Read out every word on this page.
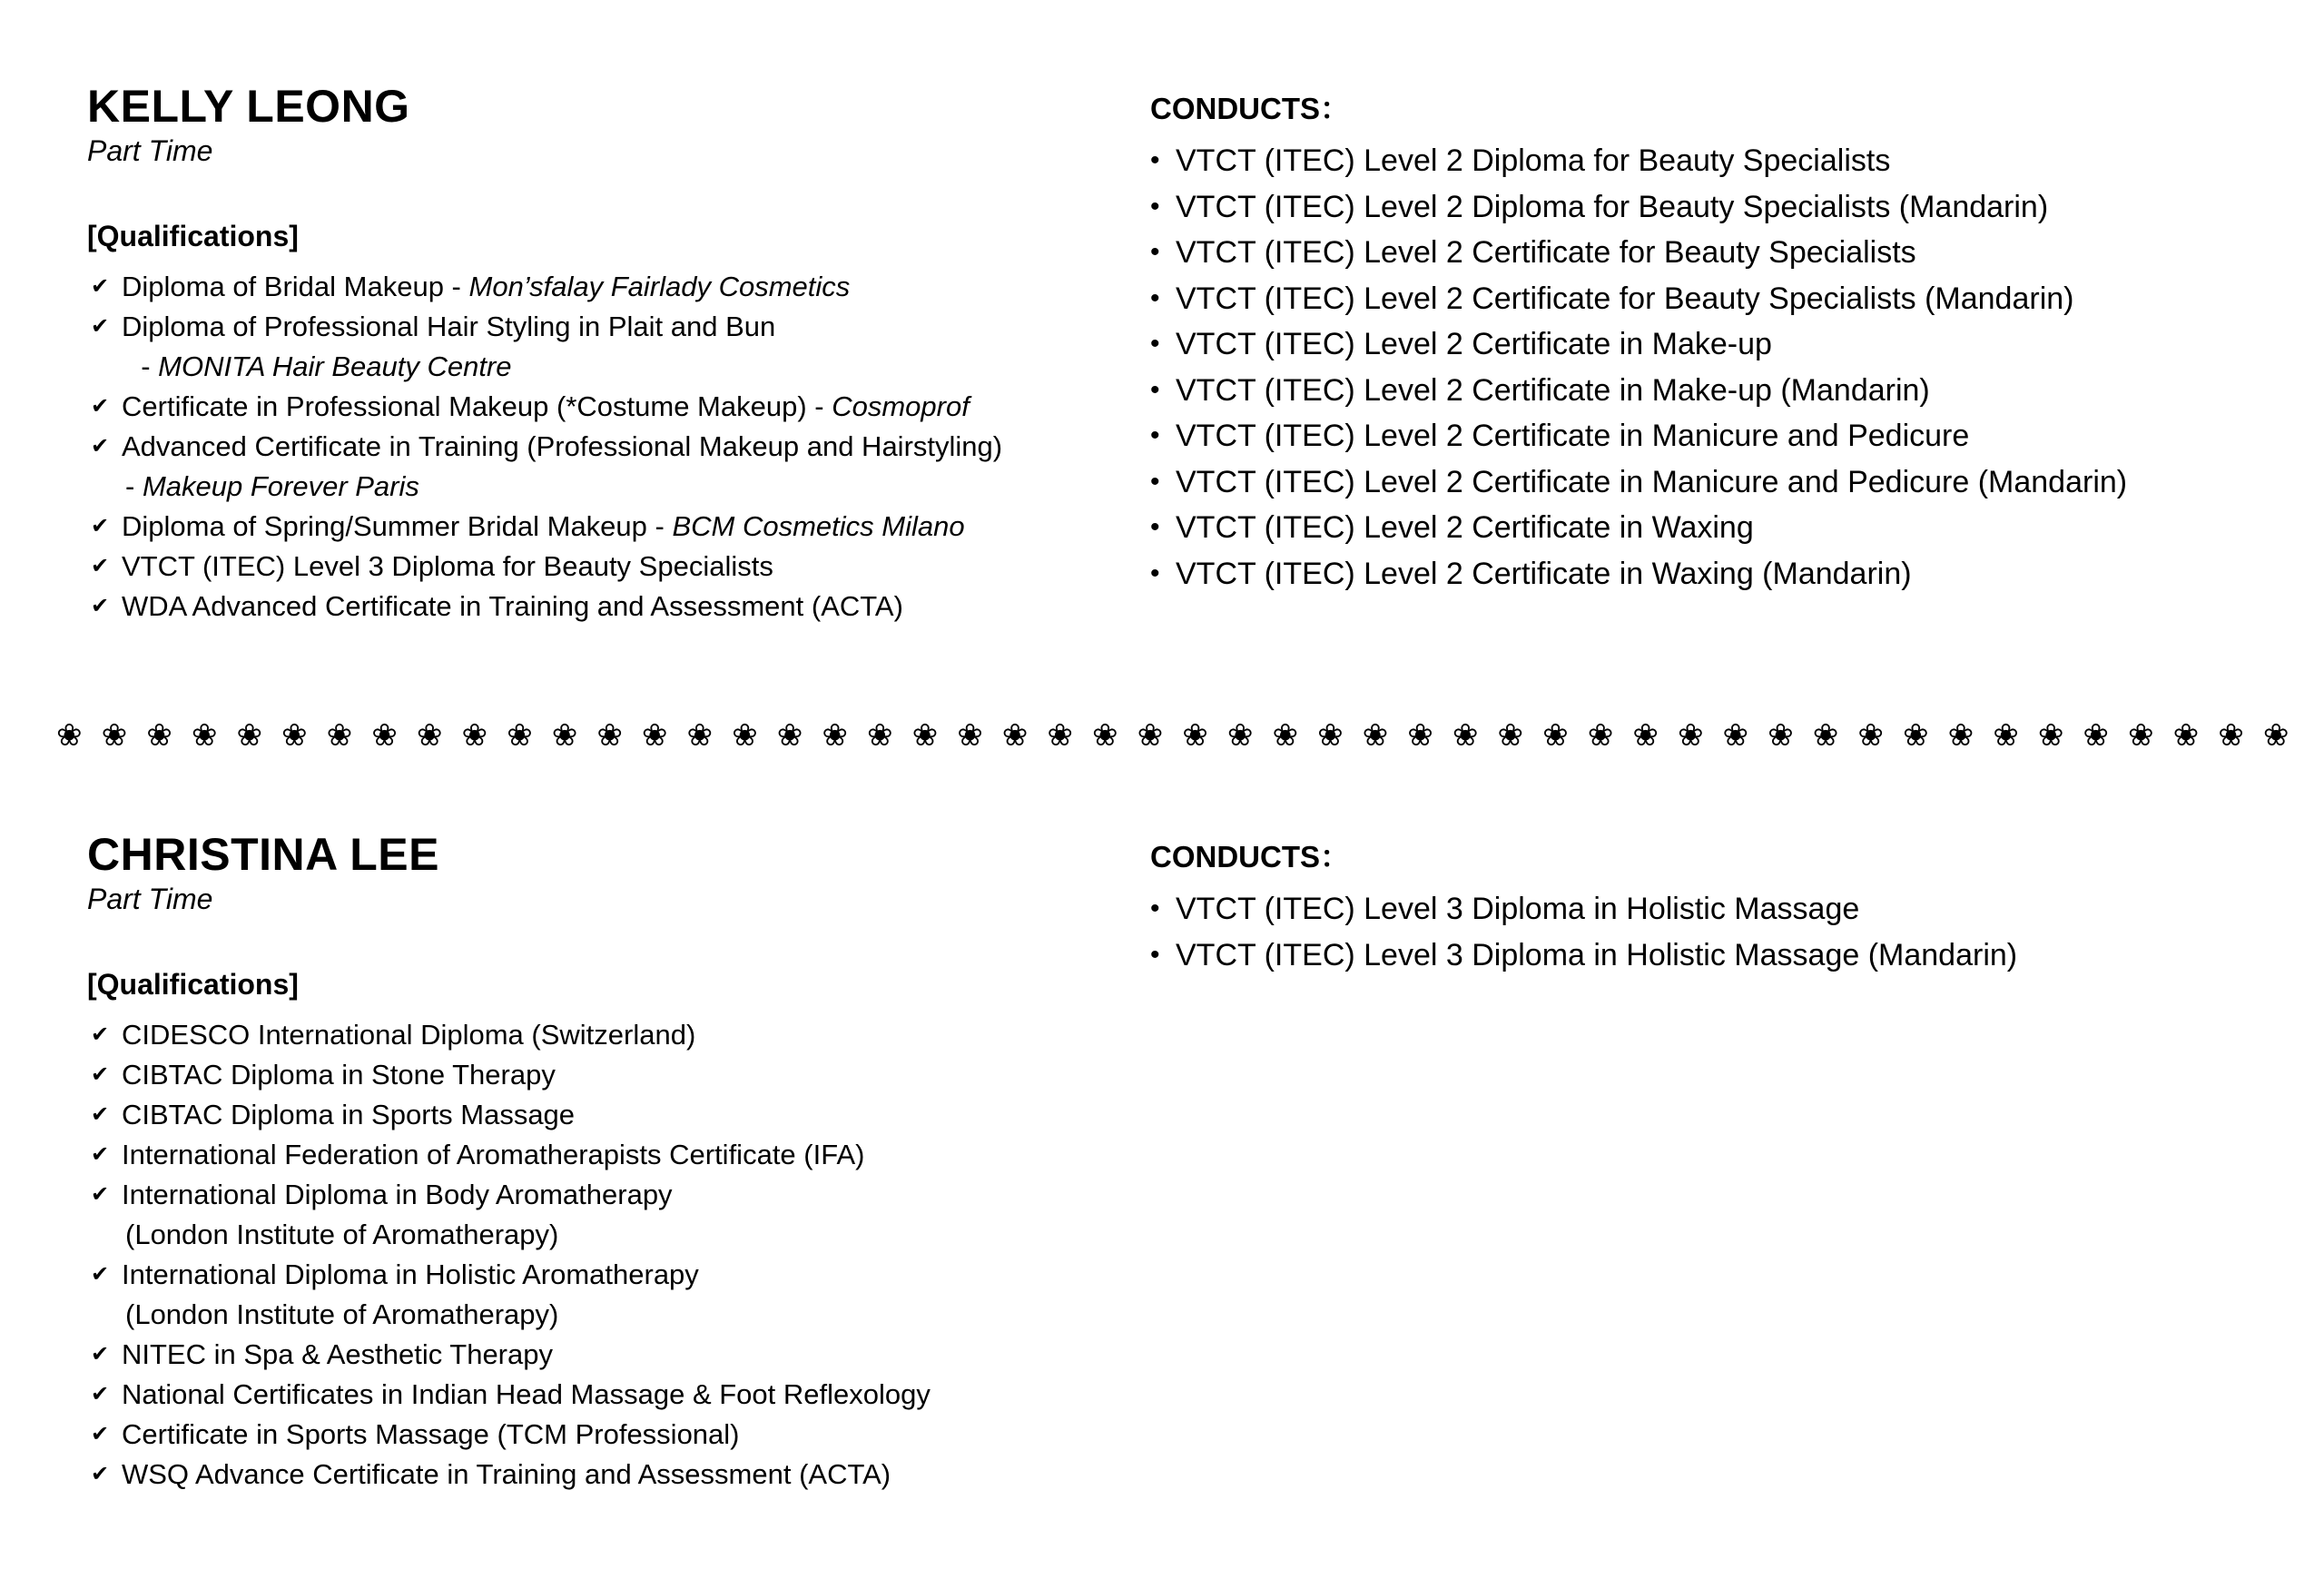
KELLY LEONG

Part Time

[Qualifications]
✔ Diploma of Bridal Makeup - Mon’sfalay Fairlady Cosmetics
✔ Diploma of Professional Hair Styling in Plait and Bun
- MONITA Hair Beauty Centre
✔ Certificate in Professional Makeup (*Costume Makeup) - Cosmoprof
✔ Advanced Certificate in Training (Professional Makeup and Hairstyling)
- Makeup Forever Paris
✔ Diploma of Spring/Summer Bridal Makeup - BCM Cosmetics Milano
✔ VTCT (ITEC) Level 3 Diploma for Beauty Specialists
✔ WDA Advanced Certificate in Training and Assessment (ACTA)
CONDUCTS：
• VTCT (ITEC) Level 2 Diploma for Beauty Specialists
• VTCT (ITEC) Level 2 Diploma for Beauty Specialists (Mandarin)
• VTCT (ITEC) Level 2 Certificate for Beauty Specialists
• VTCT (ITEC) Level 2 Certificate for Beauty Specialists (Mandarin)
• VTCT (ITEC) Level 2 Certificate in Make-up
• VTCT (ITEC) Level 2 Certificate in Make-up (Mandarin)
• VTCT (ITEC) Level 2 Certificate in Manicure and Pedicure
• VTCT (ITEC) Level 2 Certificate in Manicure and Pedicure (Mandarin)
• VTCT (ITEC) Level 2 Certificate in Waxing
• VTCT (ITEC) Level 2 Certificate in Waxing (Mandarin)
❀ ❀ ❀ ❀ ❀ ❀ ❀ ❀ ❀ ❀ ❀ ❀ ❀ ❀ ❀ ❀ ❀ ❀ ❀ ❀ ❀ ❀ ❀ ❀ ❀ ❀ ❀ ❀ ❀ ❀ ❀ ❀ ❀ ❀ ❀ ❀ ❀ ❀ ❀ ❀ ❀ ❀ ❀ ❀ ❀ ❀ ❀ ❀ ❀ ❀
CHRISTINA LEE

Part Time

[Qualifications]
✔ CIDESCO International Diploma (Switzerland)
✔ CIBTAC Diploma in Stone Therapy
✔ CIBTAC Diploma in Sports Massage
✔ International Federation of Aromatherapists Certificate (IFA)
✔ International Diploma in Body Aromatherapy
(London Institute of Aromatherapy)
✔ International Diploma in Holistic Aromatherapy
(London Institute of Aromatherapy)
✔ NITEC in Spa & Aesthetic Therapy
✔ National Certificates in Indian Head Massage & Foot Reflexology
✔ Certificate in Sports Massage (TCM Professional)
✔ WSQ Advance Certificate in Training and Assessment (ACTA)
CONDUCTS：
• VTCT (ITEC) Level 3 Diploma in Holistic Massage
• VTCT (ITEC) Level 3 Diploma in Holistic Massage (Mandarin)
